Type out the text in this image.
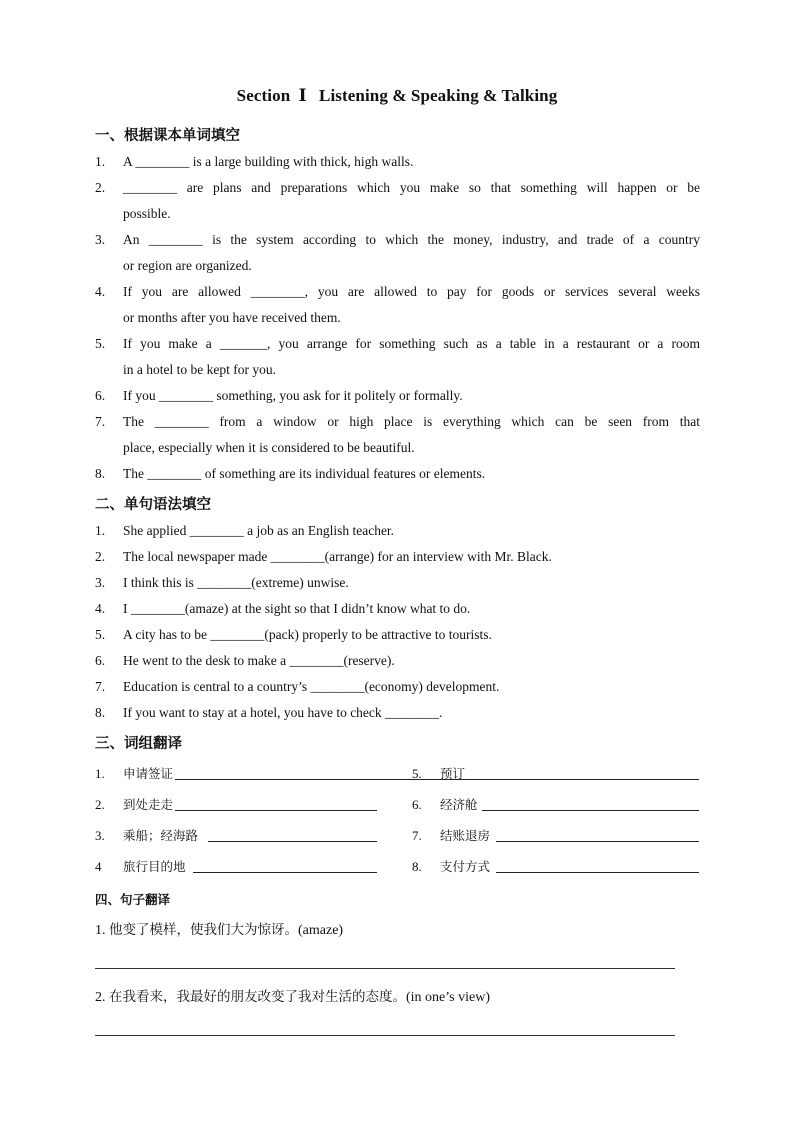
Section Ⅰ Listening & Speaking & Talking
一、根据课本单词填空
1. A ________ is a large building with thick, high walls.
2. ________ are plans and preparations which you make so that something will happen or be
possible.
3. An ________ is the system according to which the money, industry, and trade of a country
or region are organized.
4. If you are allowed ________, you are allowed to pay for goods or services several weeks
or months after you have received them.
5. If you make a _______, you arrange for something such as a table in a restaurant or a room
in a hotel to be kept for you.
6. If you ________ something, you ask for it politely or formally.
7. The ________ from a window or high place is everything which can be seen from that
place, especially when it is considered to be beautiful.
8. The ________ of something are its individual features or elements.
二、单句语法填空
1. She applied ________ a job as an English teacher.
2. The local newspaper made ________(arrange) for an interview with Mr. Black.
3. I think this is ________(extreme) unwise.
4. I ________(amaze) at the sight so that I didn’t know what to do.
5. A city has to be ________(pack) properly to be attractive to tourists.
6. He went to the desk to make a ________(reserve).
7. Education is central to a country’s ________(economy) development.
8. If you want to stay at a hotel, you have to check ________.
三、词组翻译
1. 申请签证	5. 预订
2. 到处走走	6. 经济舱
3. 乘船；经海路	7. 结账退房
4 旅行目的地	8. 支付方式
四、句子翻译
1. 他变了模样，使我们大为惊讶。(amaze)
2. 在我看来，我最好的朋友改变了我对生活的态度。(in one’s view)
